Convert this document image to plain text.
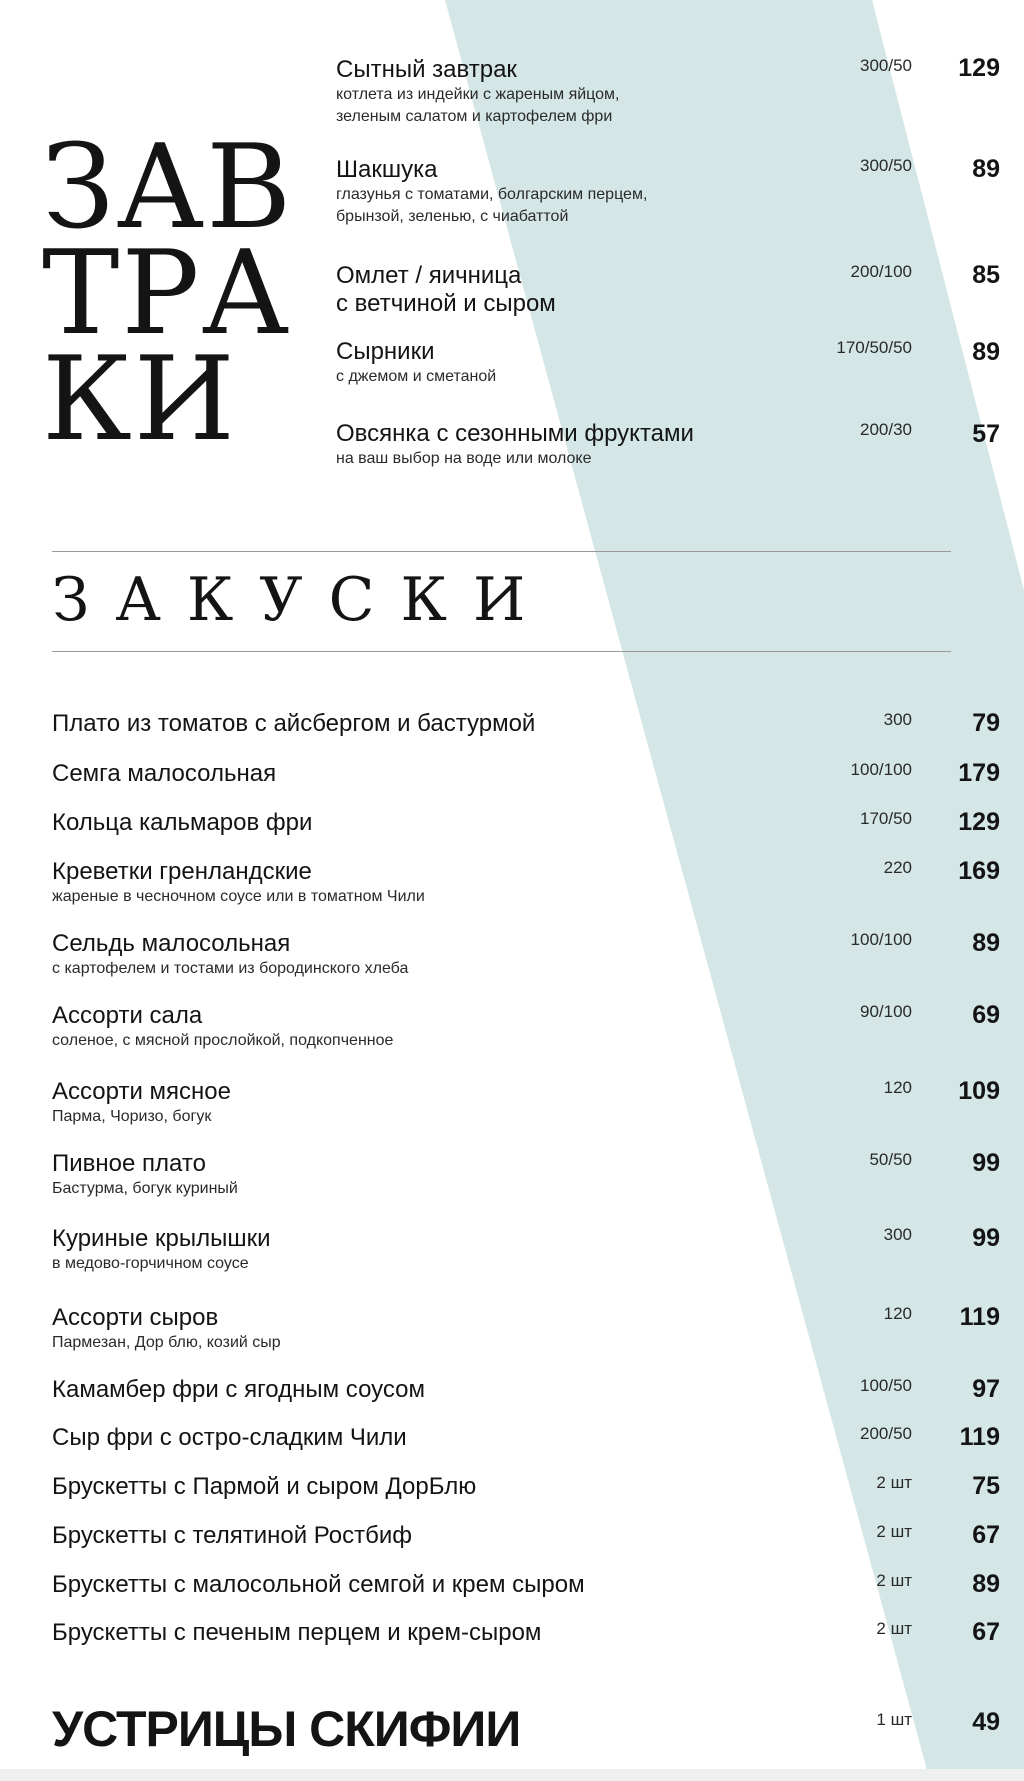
ЗАВ
ТРА
КИ
Сытный завтрак
котлета из индейки с жареным яйцом,
зеленым салатом и картофелем фри
300/50	129
Шакшука
глазунья с томатами, болгарским перцем,
брынзой, зеленью, с чиабаттой
300/50	89
Омлет / яичница
с ветчиной и сыром
200/100	85
Сырники
с джемом и сметаной
170/50/50	89
Овсянка с сезонными фруктами
на ваш выбор на воде или молоке
200/30	57
ЗАКУСКИ
Плато из томатов с айсбергом и бастурмой	300	79
Семга малосольная	100/100	179
Кольца кальмаров фри	170/50	129
Креветки гренландские
жареные в чесночном соусе или в томатном Чили
220	169
Сельдь малосольная
с картофелем и тостами из бородинского хлеба
100/100	89
Ассорти сала
соленое, с мясной прослойкой, подкопченное
90/100	69
Ассорти мясное
Парма, Чоризо, богук
120	109
Пивное плато
Бастурма, богук куриный
50/50	99
Куриные крылышки
в медово-горчичном соусе
300	99
Ассорти сыров
Пармезан, Дор блю, козий сыр
120	119
Камамбер фри с ягодным соусом	100/50	97
Сыр фри с остро-сладким Чили	200/50	119
Брускетты с Пармой и сыром ДорБлю	2 шт	75
Брускетты с телятиной Ростбиф	2 шт	67
Брускетты с малосольной семгой и крем сыром	2 шт	89
Брускетты с печеным перцем и крем-сыром	2 шт	67
УСТРИЦЫ СКИФИИ	1 шт	49
